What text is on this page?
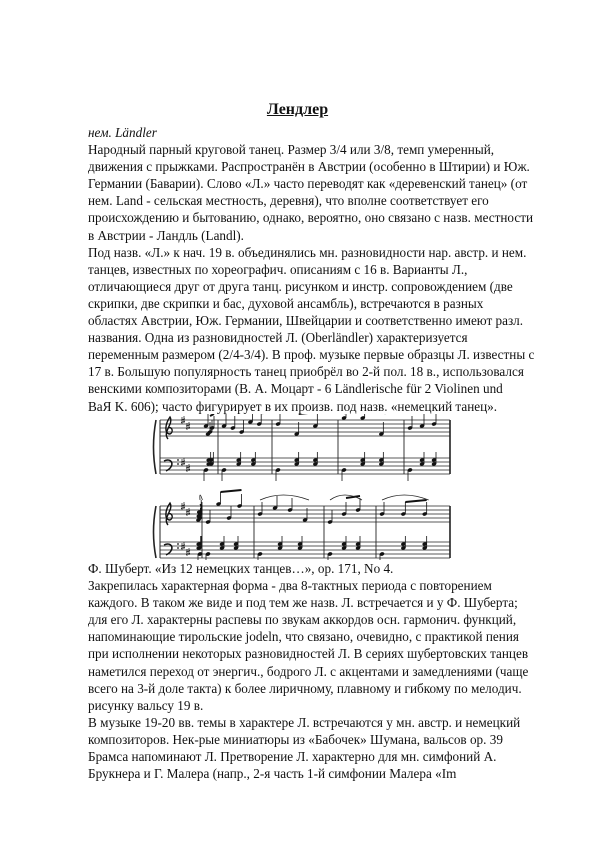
Лендлер
нем. Ländler
Народный парный круговой танец. Размер 3/4 или 3/8, темп умеренный,
движения с прыжками. Распространён в Австрии (особенно в Штирии) и Юж.
Германии (Баварии). Слово «Л.» часто переводят как «деревенский танец» (от
нем. Land - сельская местность, деревня), что вполне соответствует его
происхождению и бытованию, однако, вероятно, оно связано с назв. местности
в Австрии - Ландль (Landl).
Под назв. «Л.» к нач. 19 в. объединялись мн. разновидности нар. австр. и нем.
танцев, известных по хореографич. описаниям с 16 в. Варианты Л.,
отличающиеся друг от друга танц. рисунком и инстр. сопровождением (две
скрипки, две скрипки и бас, духовой ансамбль), встречаются в разных
областях Австрии, Юж. Германии, Швейцарии и соответственно имеют разл.
названия. Одна из разновидностей Л. (Oberländler) характеризуется
переменным размером (2/4-3/4). В проф. музыке первые образцы Л. известны с
17 в. Большую популярность танец приобрёл во 2-й пол. 18 в., использовался
венскими композиторами (В. А. Моцарт - 6 Ländlerische für 2 Violinen und
BaЯ K. 606); часто фигурирует в их произв. под назв. «немецкий танец».
Ф. Шуберт. «Из 12 немецких танцев…», op. 171, No 4.
Закрепилась характерная форма - два 8-тактных периода с повторением
каждого. В таком же виде и под тем же назв. Л. встречается и у Ф. Шуберта;
для его Л. характерны распевы по звукам аккордов осн. гармонич. функций,
напоминающие тирольские jodeln, что связано, очевидно, с практикой пения
при исполнении некоторых разновидностей Л. В сериях шубертовских танцев
наметился переход от энергич., бодрого Л. с акцентами и замедлениями (чаще
всего на 3-й доле такта) к более лиричному, плавному и гибкому по мелодич.
рисунку вальсу 19 в.
В музыке 19-20 вв. темы в характере Л. встречаются у мн. австр. и немецкий
композиторов. Нек-рые миниатюры из «Бабочек» Шумана, вальсов op. 39
Брамса напоминают Л. Претворение Л. характерно для мн. симфоний А.
Брукнера и Г. Малера (напр., 2-я часть 1-й симфонии Малера «Im
